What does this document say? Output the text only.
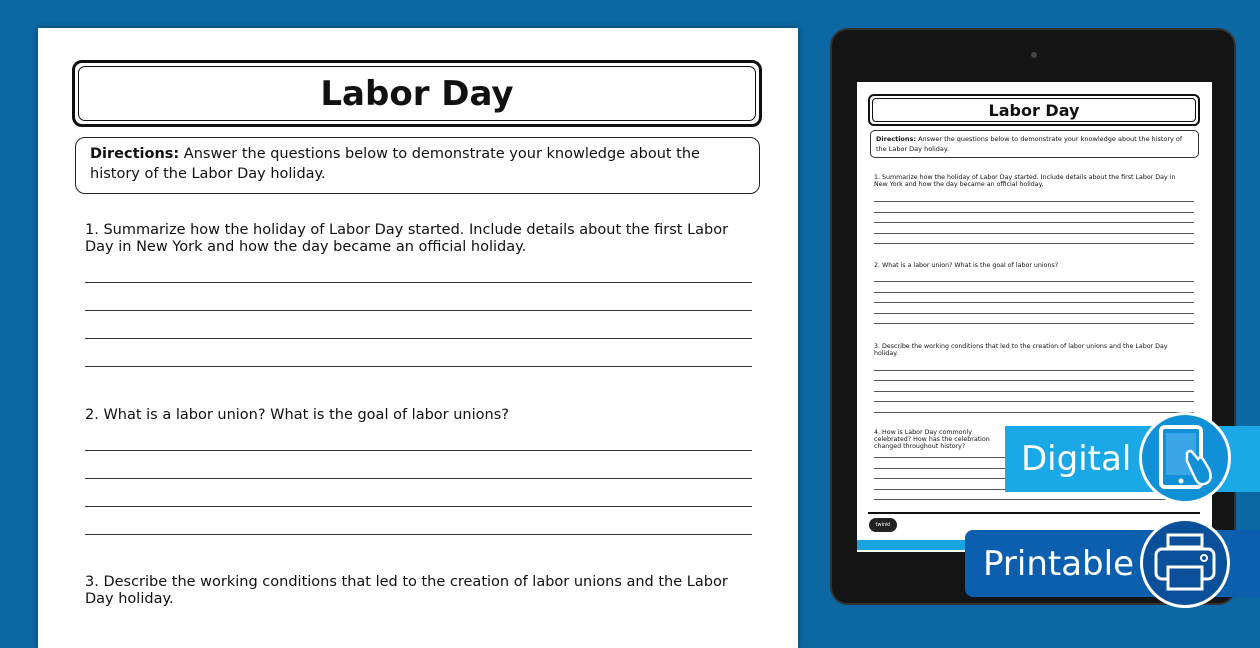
Labor Day
Directions: Answer the questions below to demonstrate your knowledge about the history of the Labor Day holiday.
1. Summarize how the holiday of Labor Day started. Include details about the first Labor Day in New York and how the day became an official holiday.
2. What is a labor union? What is the goal of labor unions?
3. Describe the working conditions that led to the creation of labor unions and the Labor Day holiday.
Labor Day
Directions: Answer the questions below to demonstrate your knowledge about the history of the Labor Day holiday.
1. Summarize how the holiday of Labor Day started. Include details about the first Labor Day in New York and how the day became an official holiday.
2. What is a labor union? What is the goal of labor unions?
3. Describe the working conditions that led to the creation of labor unions and the Labor Day holiday.
4. How is Labor Day commonly celebrated? How has the celebration changed throughout history?
twinkl
Digital
Printable
